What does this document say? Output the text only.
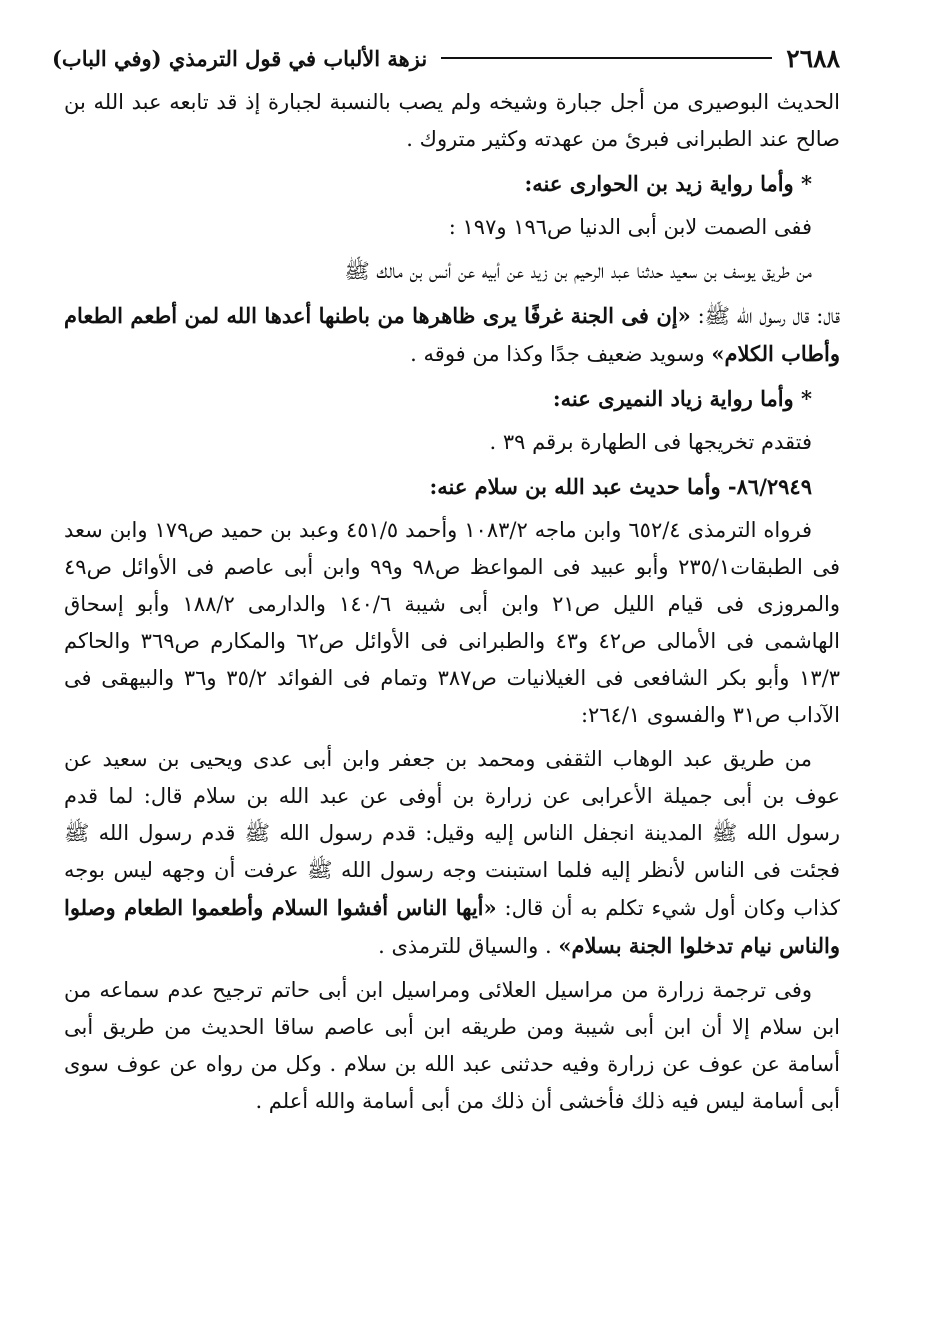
٢٦٨٨
نزهة الألباب في قول الترمذي (وفي الباب)

الحديث البوصيرى من أجل جبارة وشيخه ولم يصب بالنسبة لجبارة إذ قد تابعه عبد الله بن صالح عند الطبرانى فبرئ من عهدته وكثير متروك .

* وأما رواية زيد بن الحوارى عنه:

ففى الصمت لابن أبى الدنيا ص١٩٦ و١٩٧ :

من طريق يوسف بن سعيد حدثنا عبد الرحيم بن زيد عن أبيه عن أنس بن مالك ﷺ

قال: قال رسول الله ﷺ: «إن فى الجنة غرفًا يرى ظاهرها من باطنها أعدها الله لمن أطعم الطعام وأطاب الكلام» وسويد ضعيف جدًا وكذا من فوقه .

* وأما رواية زياد النميرى عنه:

فتقدم تخريجها فى الطهارة برقم ٣٩ .

٨٦/٢٩٤٩- وأما حديث عبد الله بن سلام عنه:

فرواه الترمذى ٦٥٢/٤ وابن ماجه ١٠٨٣/٢ وأحمد ٤٥١/٥ وعبد بن حميد ص١٧٩ وابن سعد فى الطبقات٢٣٥/١ وأبو عبيد فى المواعظ ص٩٨ و٩٩ وابن أبى عاصم فى الأوائل ص٤٩ والمروزى فى قيام الليل ص٢١ وابن أبى شيبة ١٤٠/٦ والدارمى ١٨٨/٢ وأبو إسحاق الهاشمى فى الأمالى ص٤٢ و٤٣ والطبرانى فى الأوائل ص٦٢ والمكارم ص٣٦٩ والحاكم ١٣/٣ وأبو بكر الشافعى فى الغيلانيات ص٣٨٧ وتمام فى الفوائد ٣٥/٢ و٣٦ والبيهقى فى الآداب ص٣١ والفسوى ٢٦٤/١:

من طريق عبد الوهاب الثقفى ومحمد بن جعفر وابن أبى عدى ويحيى بن سعيد عن عوف بن أبى جميلة الأعرابى عن زرارة بن أوفى عن عبد الله بن سلام قال: لما قدم رسول الله ﷺ المدينة انجفل الناس إليه وقيل: قدم رسول الله ﷺ قدم رسول الله ﷺ فجئت فى الناس لأنظر إليه فلما استبنت وجه رسول الله ﷺ عرفت أن وجهه ليس بوجه كذاب وكان أول شيء تكلم به أن قال: «أيها الناس أفشوا السلام وأطعموا الطعام وصلوا والناس نيام تدخلوا الجنة بسلام» . والسياق للترمذى .

وفى ترجمة زرارة من مراسيل العلائى ومراسيل ابن أبى حاتم ترجيح عدم سماعه من ابن سلام إلا أن ابن أبى شيبة ومن طريقه ابن أبى عاصم ساقا الحديث من طريق أبى أسامة عن عوف عن زرارة وفيه حدثنى عبد الله بن سلام . وكل من رواه عن عوف سوى أبى أسامة ليس فيه ذلك فأخشى أن ذلك من أبى أسامة والله أعلم .
